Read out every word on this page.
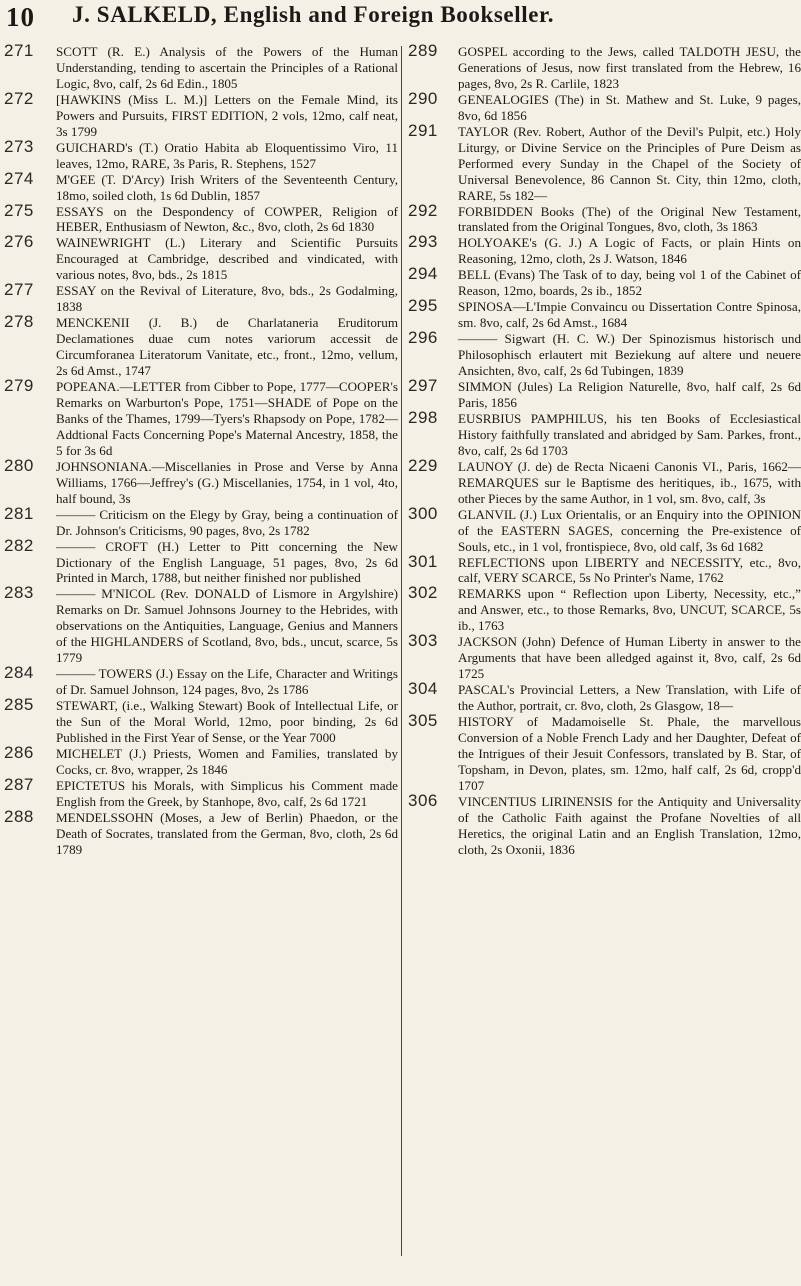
10 J. SALKELD, English and Foreign Bookseller.
271 SCOTT (R. E.) Analysis of the Powers of the Human Understanding, tending to ascertain the Principles of a Rational Logic, 8vo, calf, 2s 6d Edin., 1805
272 [HAWKINS (Miss L. M.)] Letters on the Female Mind, its Powers and Pursuits, FIRST EDITION, 2 vols, 12mo, calf neat, 3s 1799
273 GUICHARD's (T.) Oratio Habita ab Eloquentissimo Viro, 11 leaves, 12mo, RARE, 3s Paris, R. Stephens, 1527
274 M'GEE (T. D'Arcy) Irish Writers of the Seventeenth Century, 18mo, soiled cloth, 1s 6d Dublin, 1857
275 ESSAYS on the Despondency of COWPER, Religion of HEBER, Enthusiasm of Newton, &c., 8vo, cloth, 2s 6d 1830
276 WAINEWRIGHT (L.) Literary and Scientific Pursuits Encouraged at Cambridge, described and vindicated, with various notes, 8vo, bds., 2s 1815
277 ESSAY on the Revival of Literature, 8vo, bds., 2s Godalming, 1838
278 MENCKENII (J. B.) de Charlataneria Eruditorum Declamationes duae cum notes variorum accessit de Circumforanea Literatorum Vanitate, etc., front., 12mo, vellum, 2s 6d Amst., 1747
279 POPEANA.—LETTER from Cibber to Pope, 1777—COOPER's Remarks on Warburton's Pope, 1751—SHADE of Pope on the Banks of the Thames, 1799—Tyers's Rhapsody on Pope, 1782—Addtional Facts Concerning Pope's Maternal Ancestry, 1858, the 5 for 3s 6d
280 JOHNSONIANA.—Miscellanies in Prose and Verse by Anna Williams, 1766—Jeffrey's (G.) Miscellanies, 1754, in 1 vol, 4to, half bound, 3s
281 ——— Criticism on the Elegy by Gray, being a continuation of Dr. Johnson's Criticisms, 90 pages, 8vo, 2s 1782
282 ——— CROFT (H.) Letter to Pitt concerning the New Dictionary of the English Language, 51 pages, 8vo, 2s 6d Printed in March, 1788, but neither finished nor published
283 ——— M'NICOL (Rev. DONALD of Lismore in Argylshire) Remarks on Dr. Samuel Johnsons Journey to the Hebrides, with observations on the Antiquities, Language, Genius and Manners of the HIGHLANDERS of Scotland, 8vo, bds., uncut, scarce, 5s 1779
284 ——— TOWERS (J.) Essay on the Life, Character and Writings of Dr. Samuel Johnson, 124 pages, 8vo, 2s 1786
285 STEWART, (i.e., Walking Stewart) Book of Intellectual Life, or the Sun of the Moral World, 12mo, poor binding, 2s 6d Published in the First Year of Sense, or the Year 7000
286 MICHELET (J.) Priests, Women and Families, translated by Cocks, cr. 8vo, wrapper, 2s 1846
287 EPICTETUS his Morals, with Simplicus his Comment made English from the Greek, by Stanhope, 8vo, calf, 2s 6d 1721
288 MENDELSSOHN (Moses, a Jew of Berlin) Phaedon, or the Death of Socrates, translated from the German, 8vo, cloth, 2s 6d 1789
289 GOSPEL according to the Jews, called TALDOTH JESU, the Generations of Jesus, now first translated from the Hebrew, 16 pages, 8vo, 2s R. Carlile, 1823
290 GENEALOGIES (The) in St. Mathew and St. Luke, 9 pages, 8vo, 6d 1856
291 TAYLOR (Rev. Robert, Author of the Devil's Pulpit, etc.) Holy Liturgy, or Divine Service on the Principles of Pure Deism as Performed every Sunday in the Chapel of the Society of Universal Benevolence, 86 Cannon St. City, thin 12mo, cloth, RARE, 5s 182—
292 FORBIDDEN Books (The) of the Original New Testament, translated from the Original Tongues, 8vo, cloth, 3s 1863
293 HOLYOAKE's (G. J.) A Logic of Facts, or plain Hints on Reasoning, 12mo, cloth, 2s J. Watson, 1846
294 BELL (Evans) The Task of to day, being vol 1 of the Cabinet of Reason, 12mo, boards, 2s ib., 1852
295 SPINOSA—L'Impie Convaincu ou Dissertation Contre Spinosa, sm. 8vo, calf, 2s 6d Amst., 1684
296 ——— Sigwart (H. C. W.) Der Spinozismus historisch und Philosophisch erlautert mit Beziekung auf altere und neuere Ansichten, 8vo, calf, 2s 6d Tubingen, 1839
297 SIMMON (Jules) La Religion Naturelle, 8vo, half calf, 2s 6d Paris, 1856
298 EUSRBIUS PAMPHILUS, his ten Books of Ecclesiastical History faithfully translated and abridged by Sam. Parkes, front., 8vo, calf, 2s 6d 1703
229 LAUNOY (J. de) de Recta Nicaeni Canonis VI., Paris, 1662—REMARQUES sur le Baptisme des heritiques, ib., 1675, with other Pieces by the same Author, in 1 vol, sm. 8vo, calf, 3s
300 GLANVIL (J.) Lux Orientalis, or an Enquiry into the OPINION of the EASTERN SAGES, concerning the Pre-existence of Souls, etc., in 1 vol, frontispiece, 8vo, old calf, 3s 6d 1682
301 REFLECTIONS upon LIBERTY and NECESSITY, etc., 8vo, calf, VERY SCARCE, 5s No Printer's Name, 1762
302 REMARKS upon “ Reflection upon Liberty, Necessity, etc.,” and Answer, etc., to those Remarks, 8vo, UNCUT, SCARCE, 5s ib., 1763
303 JACKSON (John) Defence of Human Liberty in answer to the Arguments that have been alledged against it, 8vo, calf, 2s 6d 1725
304 PASCAL's Provincial Letters, a New Translation, with Life of the Author, portrait, cr. 8vo, cloth, 2s Glasgow, 18—
305 HISTORY of Madamoiselle St. Phale, the marvellous Conversion of a Noble French Lady and her Daughter, Defeat of the Intrigues of their Jesuit Confessors, translated by B. Star, of Topsham, in Devon, plates, sm. 12mo, half calf, 2s 6d, cropp'd 1707
306 VINCENTIUS LIRINENSIS for the Antiquity and Universality of the Catholic Faith against the Profane Novelties of all Heretics, the original Latin and an English Translation, 12mo, cloth, 2s Oxonii, 1836
